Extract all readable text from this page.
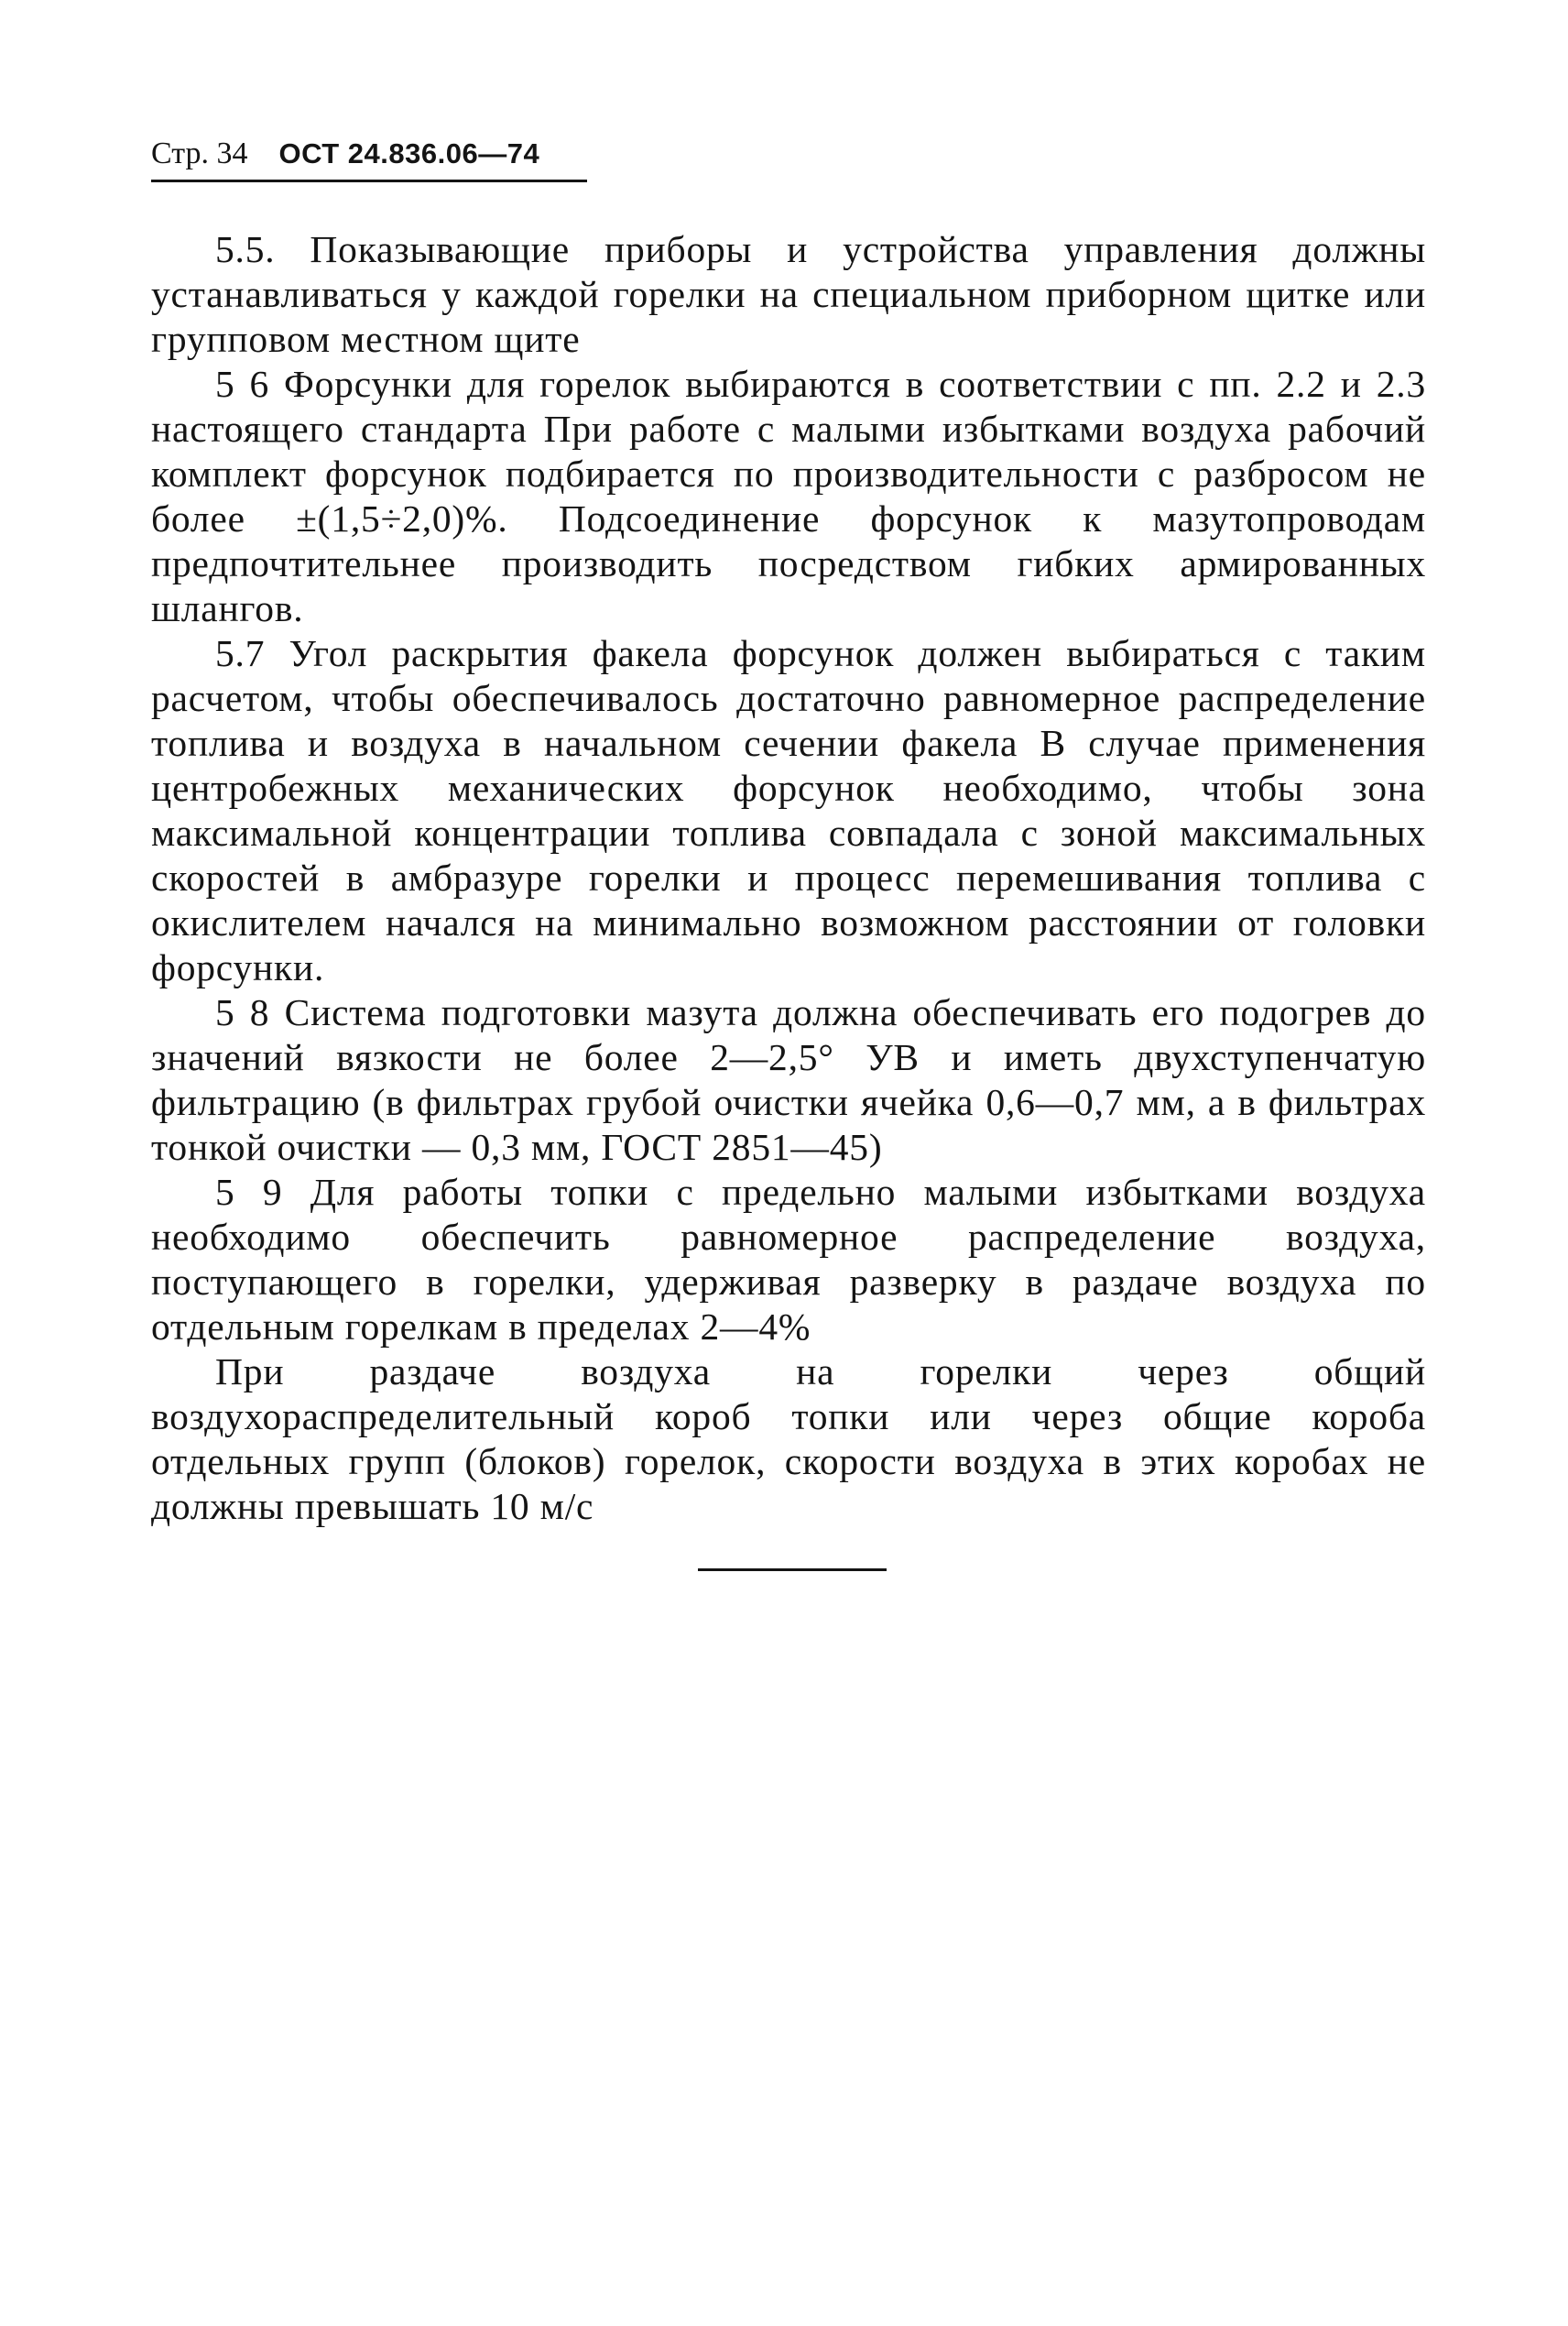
Стр. 34 ОСТ 24.836.06—74

5.5. Показывающие приборы и устройства управления должны устанавливаться у каждой горелки на специальном приборном щитке или групповом местном щите

5 6 Форсунки для горелок выбираются в соответствии с пп. 2.2 и 2.3 настоящего стандарта При работе с малыми избытками воздуха рабочий комплект форсунок подбирается по производительности с разбросом не более ±(1,5÷2,0)%. Подсоединение форсунок к мазутопроводам предпочтительнее производить посредством гибких армированных шлангов.

5.7 Угол раскрытия факела форсунок должен выбираться с таким расчетом, чтобы обеспечивалось достаточно равномерное распределение топлива и воздуха в начальном сечении факела В случае применения центробежных механических форсунок необходимо, чтобы зона максимальной концентрации топлива совпадала с зоной максимальных скоростей в амбразуре горелки и процесс перемешивания топлива с окислителем начался на минимально возможном расстоянии от головки форсунки.

5 8 Система подготовки мазута должна обеспечивать его подогрев до значений вязкости не более 2—2,5° УВ и иметь двухступенчатую фильтрацию (в фильтрах грубой очистки ячейка 0,6—0,7 мм, а в фильтрах тонкой очистки — 0,3 мм, ГОСТ 2851—45)

5 9 Для работы топки с предельно малыми избытками воздуха необходимо обеспечить равномерное распределение воздуха, поступающего в горелки, удерживая разверку в раздаче воздуха по отдельным горелкам в пределах 2—4%

При раздаче воздуха на горелки через общий воздухораспределительный короб топки или через общие короба отдельных групп (блоков) горелок, скорости воздуха в этих коробах не должны превышать 10 м/с
